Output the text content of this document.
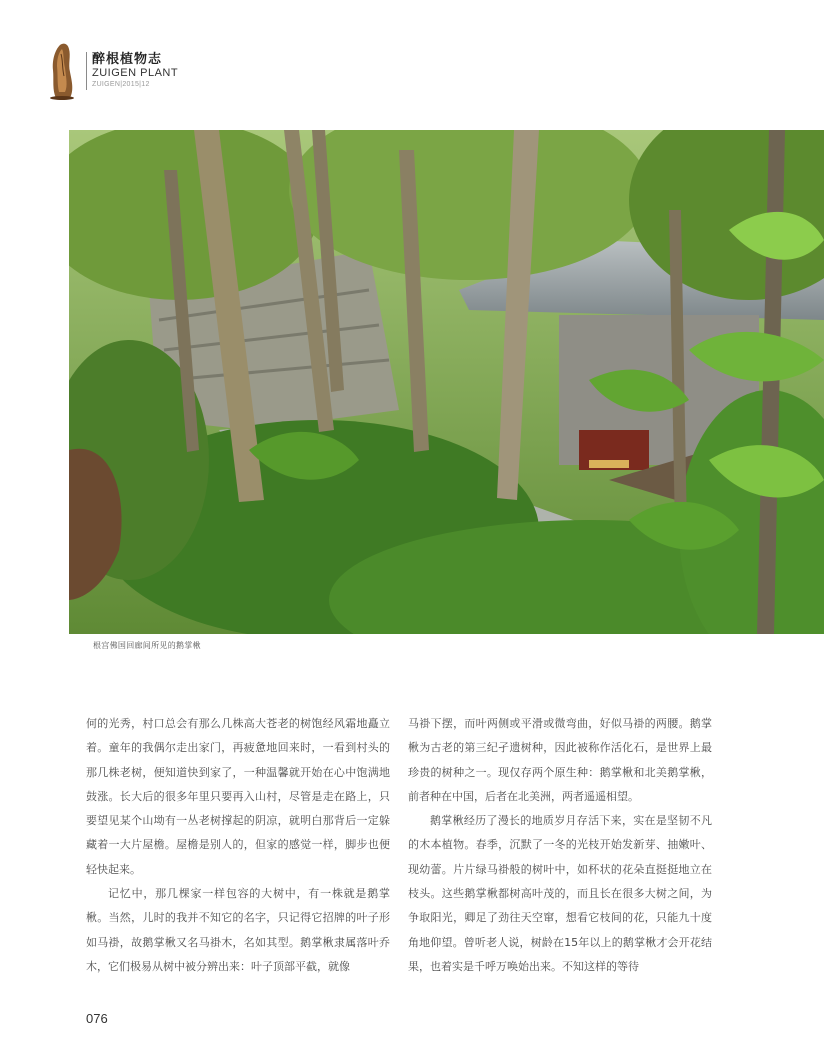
醉根植物志
ZUIGEN PLANT
ZUIGEN|2015|12
根宫佛国回廊间所见的鹅掌楸

何的光秀，村口总会有那么几株高大苍老的树饱经风霜地矗立着。童年的我偶尔走出家门，再疲惫地回来时，一看到村头的那几株老树，便知道快到家了，一种温馨就开始在心中饱满地鼓涨。长大后的很多年里只要再入山村，尽管是走在路上，只要望见某个山坳有一丛老树撑起的阴凉，就明白那背后一定躲藏着一大片屋檐。屋檐是别人的，但家的感觉一样，脚步也便轻快起来。

记忆中，那几棵家一样包容的大树中，有一株就是鹅掌楸。当然，儿时的我并不知它的名字，只记得它招牌的叶子形如马褂，故鹅掌楸又名马褂木，名如其型。鹅掌楸隶属落叶乔木，它们极易从树中被分辨出来：叶子顶部平截，就像

马褂下摆，而叶两侧或平滑或微弯曲，好似马褂的两腰。鹅掌楸为古老的第三纪孑遗树种，因此被称作活化石，是世界上最珍贵的树种之一。现仅存两个原生种：鹅掌楸和北美鹅掌楸，前者种在中国，后者在北美洲，两者遥遥相望。

鹅掌楸经历了漫长的地质岁月存活下来，实在是坚韧不凡的木本植物。春季，沉默了一冬的光枝开始发新芽、抽嫩叶、现幼蕾。片片绿马褂般的树叶中，如杯状的花朵直挺挺地立在枝头。这些鹅掌楸都树高叶茂的，而且长在很多大树之间，为争取阳光，卿足了劲往天空窜，想看它枝间的花，只能九十度角地仰望。曾听老人说，树龄在15年以上的鹅掌楸才会开花结果，也着实是千呼万唤始出来。不知这样的等待

076
